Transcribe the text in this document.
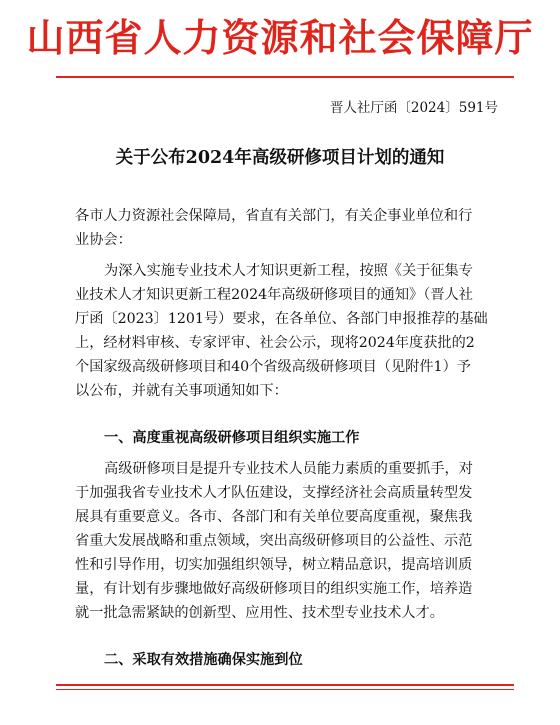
山西省人力资源和社会保障厅
晋人社厅函〔2024〕591号
关于公布2024年高级研修项目计划的通知

各市人力资源社会保障局，省直有关部门，有关企事业单位和行

业协会：

为深入实施专业技术人才知识更新工程，按照《关于征集专

业技术人才知识更新工程2024年高级研修项目的通知》（晋人社

厅函〔2023〕1201号）要求，在各单位、各部门申报推荐的基础

上，经材料审核、专家评审、社会公示，现将2024年度获批的2

个国家级高级研修项目和40个省级高级研修项目（见附件1）予

以公布，并就有关事项通知如下：

一、高度重视高级研修项目组织实施工作

高级研修项目是提升专业技术人员能力素质的重要抓手，对

于加强我省专业技术人才队伍建设，支撑经济社会高质量转型发

展具有重要意义。各市、各部门和有关单位要高度重视，聚焦我

省重大发展战略和重点领域，突出高级研修项目的公益性、示范

性和引导作用，切实加强组织领导，树立精品意识，提高培训质

量，有计划有步骤地做好高级研修项目的组织实施工作，培养造

就一批急需紧缺的创新型、应用性、技术型专业技术人才。

二、采取有效措施确保实施到位
